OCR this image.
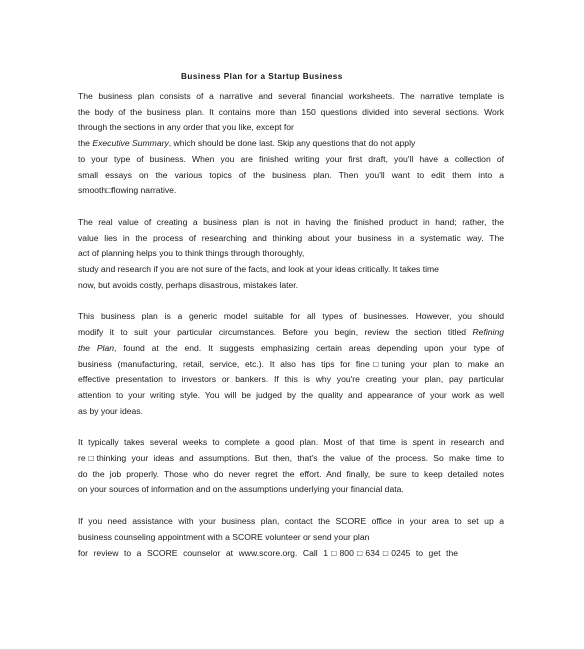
Business Plan for a Startup Business
The business plan consists of a narrative and several financial worksheets. The narrative template is
the body of the business plan. It contains more than 150 questions divided into several sections. Work
through the sections in any order that you like, except for
the Executive Summary, which should be done last. Skip any questions that do not apply
to your type of business. When you are finished writing your first draft, you'll have a collection of
small essays on the various topics of the business plan. Then you'll want to edit them into a
smooth□flowing narrative.
The real value of creating a business plan is not in having the finished product in hand; rather, the
value lies in the process of researching and thinking about your business in a systematic way. The
act of planning helps you to think things through thoroughly,
study and research if you are not sure of the facts, and look at your ideas critically. It takes time
now, but avoids costly, perhaps disastrous, mistakes later.
This business plan is a generic model suitable for all types of businesses. However, you should
modify it to suit your particular circumstances. Before you begin, review the section titled Refining
the Plan, found at the end. It suggests emphasizing certain areas depending upon your type of
business (manufacturing, retail, service, etc.). It also has tips for fine□tuning your plan to make an
effective presentation to investors or bankers. If this is why you're creating your plan, pay particular
attention to your writing style. You will be judged by the quality and appearance of your work as well
as by your ideas.
It typically takes several weeks to complete a good plan. Most of that time is spent in research and
re□thinking your ideas and assumptions. But then, that's the value of the process. So make time to
do the job properly. Those who do never regret the effort. And finally, be sure to keep detailed notes
on your sources of information and on the assumptions underlying your financial data.
If you need assistance with your business plan, contact the SCORE office in your area to set up a
business counseling appointment with a SCORE volunteer or send your plan
for review to a SCORE counselor at www.score.org. Call 1□800□634□0245 to get the
